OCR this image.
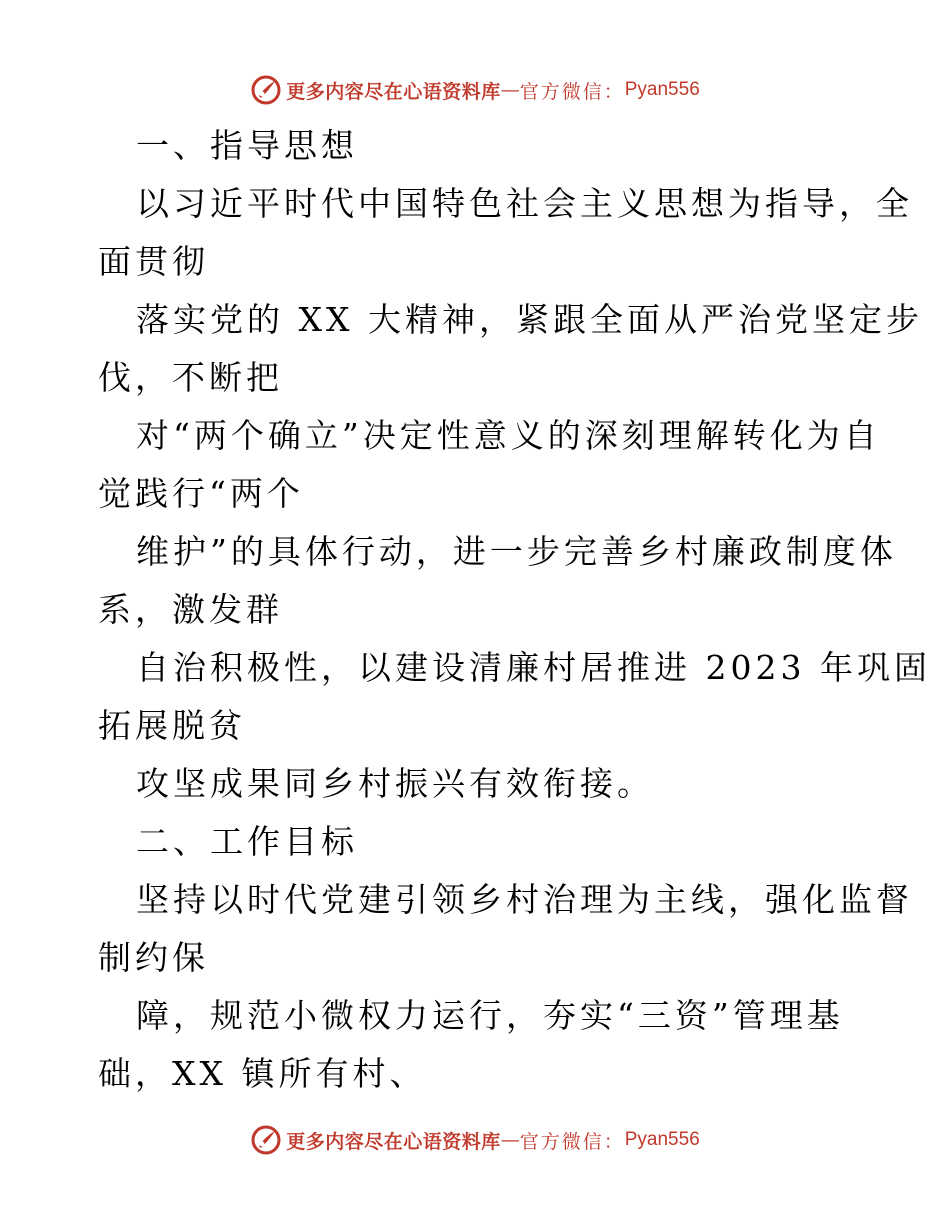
更多内容尽在心语资料库 — 官方微信： Pyan556
一、指导思想
以习近平时代中国特色社会主义思想为指导，全
面贯彻
落实党的 XX 大精神，紧跟全面从严治党坚定步
伐，不断把
对“两个确立”决定性意义的深刻理解转化为自
觉践行“两个
维护”的具体行动，进一步完善乡村廉政制度体
系，激发群
自治积极性，以建设清廉村居推进 2023 年巩固
拓展脱贫
攻坚成果同乡村振兴有效衔接。
二、工作目标
坚持以时代党建引领乡村治理为主线，强化监督
制约保
障，规范小微权力运行，夯实“三资”管理基
础，XX 镇所有村、
更多内容尽在心语资料库 — 官方微信： Pyan556
